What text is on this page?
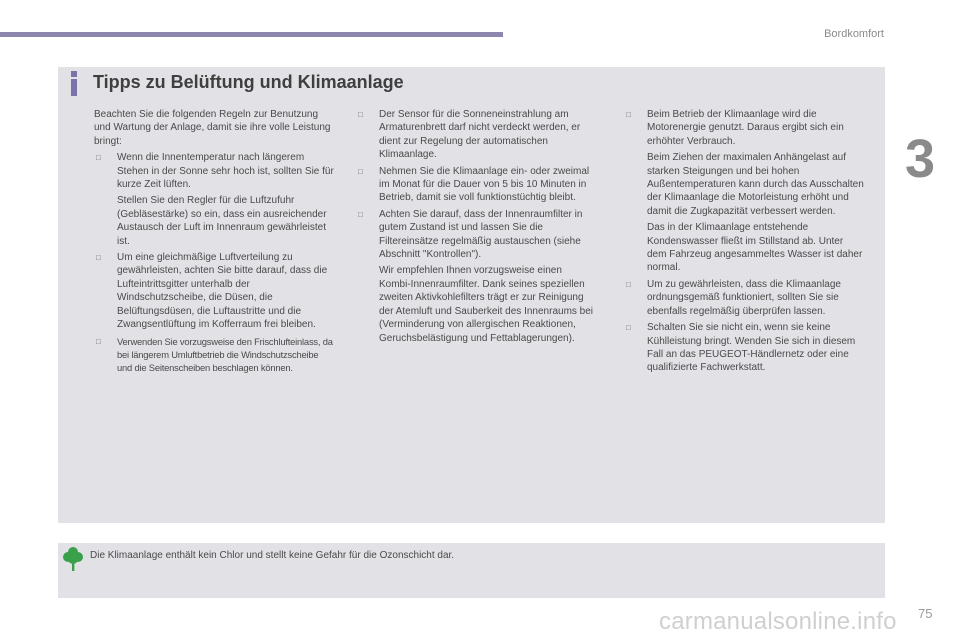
Bordkomfort
3
Tipps zu Belüftung und Klimaanlage

Beachten Sie die folgenden Regeln zur Benutzung und Wartung der Anlage, damit sie ihre volle Leistung bringt:

□ Wenn die Innentemperatur nach längerem Stehen in der Sonne sehr hoch ist, sollten Sie für kurze Zeit lüften.

Stellen Sie den Regler für die Luftzufuhr (Gebläsestärke) so ein, dass ein ausreichender Austausch der Luft im Innenraum gewährleistet ist.

□ Um eine gleichmäßige Luftverteilung zu gewährleisten, achten Sie bitte darauf, dass die Lufteintrittsgitter unterhalb der Windschutzscheibe, die Düsen, die Belüftungsdüsen, die Luftaustritte und die Zwangsentlüftung im Kofferraum frei bleiben.
□ Verwenden Sie vorzugsweise den Frischlufteinlass, da bei längerem Umluftbetrieb die Windschutzscheibe und die Seitenscheiben beschlagen können.
□ Der Sensor für die Sonneneinstrahlung am Armaturenbrett darf nicht verdeckt werden, er dient zur Regelung der automatischen Klimaanlage.
□ Nehmen Sie die Klimaanlage ein- oder zweimal im Monat für die Dauer von 5 bis 10 Minuten in Betrieb, damit sie voll funktionstüchtig bleibt.
□ Achten Sie darauf, dass der Innenraumfilter in gutem Zustand ist und lassen Sie die Filtereinsätze regelmäßig austauschen (siehe Abschnitt "Kontrollen").

Wir empfehlen Ihnen vorzugsweise einen Kombi-Innenraumfilter. Dank seines speziellen zweiten Aktivkohlefilters trägt er zur Reinigung der Atemluft und Sauberkeit des Innenraums bei (Verminderung von allergischen Reaktionen, Geruchsbelästigung und Fettablagerungen).

□ Beim Betrieb der Klimaanlage wird die Motorenergie genutzt. Daraus ergibt sich ein erhöhter Verbrauch.

Beim Ziehen der maximalen Anhängelast auf starken Steigungen und bei hohen Außentemperaturen kann durch das Ausschalten der Klimaanlage die Motorleistung erhöht und damit die Zugkapazität verbessert werden.

Das in der Klimaanlage entstehende Kondenswasser fließt im Stillstand ab. Unter dem Fahrzeug angesammeltes Wasser ist daher normal.

□ Um zu gewährleisten, dass die Klimaanlage ordnungsgemäß funktioniert, sollten Sie sie ebenfalls regelmäßig überprüfen lassen.
□ Schalten Sie sie nicht ein, wenn sie keine Kühlleistung bringt. Wenden Sie sich in diesem Fall an das PEUGEOT-Händlernetz oder eine qualifizierte Fachwerkstatt.
Die Klimaanlage enthält kein Chlor und stellt keine Gefahr für die Ozonschicht dar.
carmanualsonline.info 75
